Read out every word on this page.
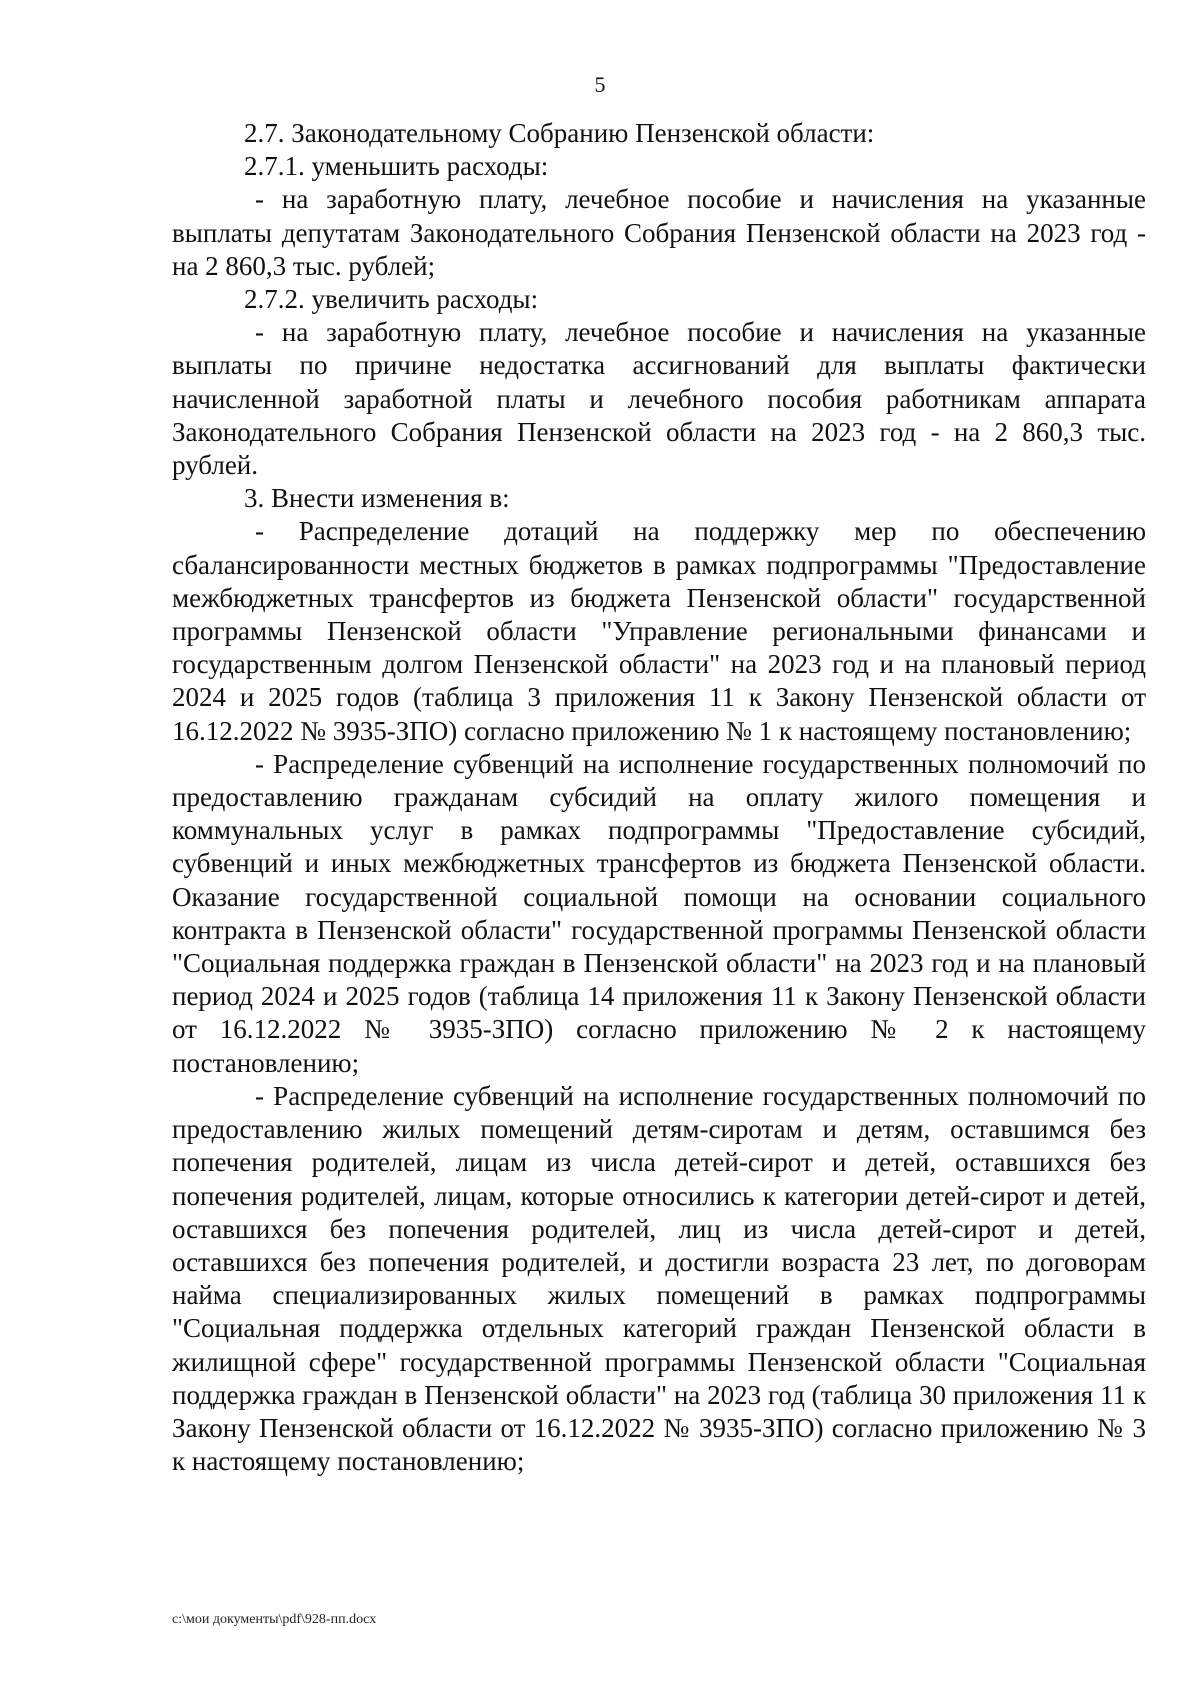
5

2.7. Законодательному Собранию Пензенской области:

2.7.1. уменьшить расходы:

- на заработную плату, лечебное пособие и начисления на указанные выплаты депутатам Законодательного Собрания Пензенской области на 2023 год - на 2 860,3 тыс. рублей;

2.7.2. увеличить расходы:

- на заработную плату, лечебное пособие и начисления на указанные выплаты по причине недостатка ассигнований для выплаты фактически начисленной заработной платы и лечебного пособия работникам аппарата Законодательного Собрания Пензенской области на 2023 год - на 2 860,3 тыс. рублей.

3. Внести изменения в:

- Распределение дотаций на поддержку мер по обеспечению сбалансированности местных бюджетов в рамках подпрограммы "Предоставление межбюджетных трансфертов из бюджета Пензенской области" государственной программы Пензенской области "Управление региональными финансами и государственным долгом Пензенской области" на 2023 год и на плановый период 2024 и 2025 годов (таблица 3 приложения 11 к Закону Пензенской области от 16.12.2022 № 3935-ЗПО) согласно приложению № 1 к настоящему постановлению;

- Распределение субвенций на исполнение государственных полномочий по предоставлению гражданам субсидий на оплату жилого помещения и коммунальных услуг в рамках подпрограммы "Предоставление субсидий, субвенций и иных межбюджетных трансфертов из бюджета Пензенской области. Оказание государственной социальной помощи на основании социального контракта в Пензенской области" государственной программы Пензенской области "Социальная поддержка граждан в Пензенской области" на 2023 год и на плановый период 2024 и 2025 годов (таблица 14 приложения 11 к Закону Пензенской области от 16.12.2022 № 3935-ЗПО) согласно приложению № 2 к настоящему постановлению;

- Распределение субвенций на исполнение государственных полномочий по предоставлению жилых помещений детям-сиротам и детям, оставшимся без попечения родителей, лицам из числа детей-сирот и детей, оставшихся без попечения родителей, лицам, которые относились к категории детей-сирот и детей, оставшихся без попечения родителей, лиц из числа детей-сирот и детей, оставшихся без попечения родителей, и достигли возраста 23 лет, по договорам найма специализированных жилых помещений в рамках подпрограммы "Социальная поддержка отдельных категорий граждан Пензенской области в жилищной сфере" государственной программы Пензенской области "Социальная поддержка граждан в Пензенской области" на 2023 год (таблица 30 приложения 11 к Закону Пензенской области от 16.12.2022 № 3935-ЗПО) согласно приложению № 3 к настоящему постановлению;

c:\мои документы\pdf\928-пп.docx
